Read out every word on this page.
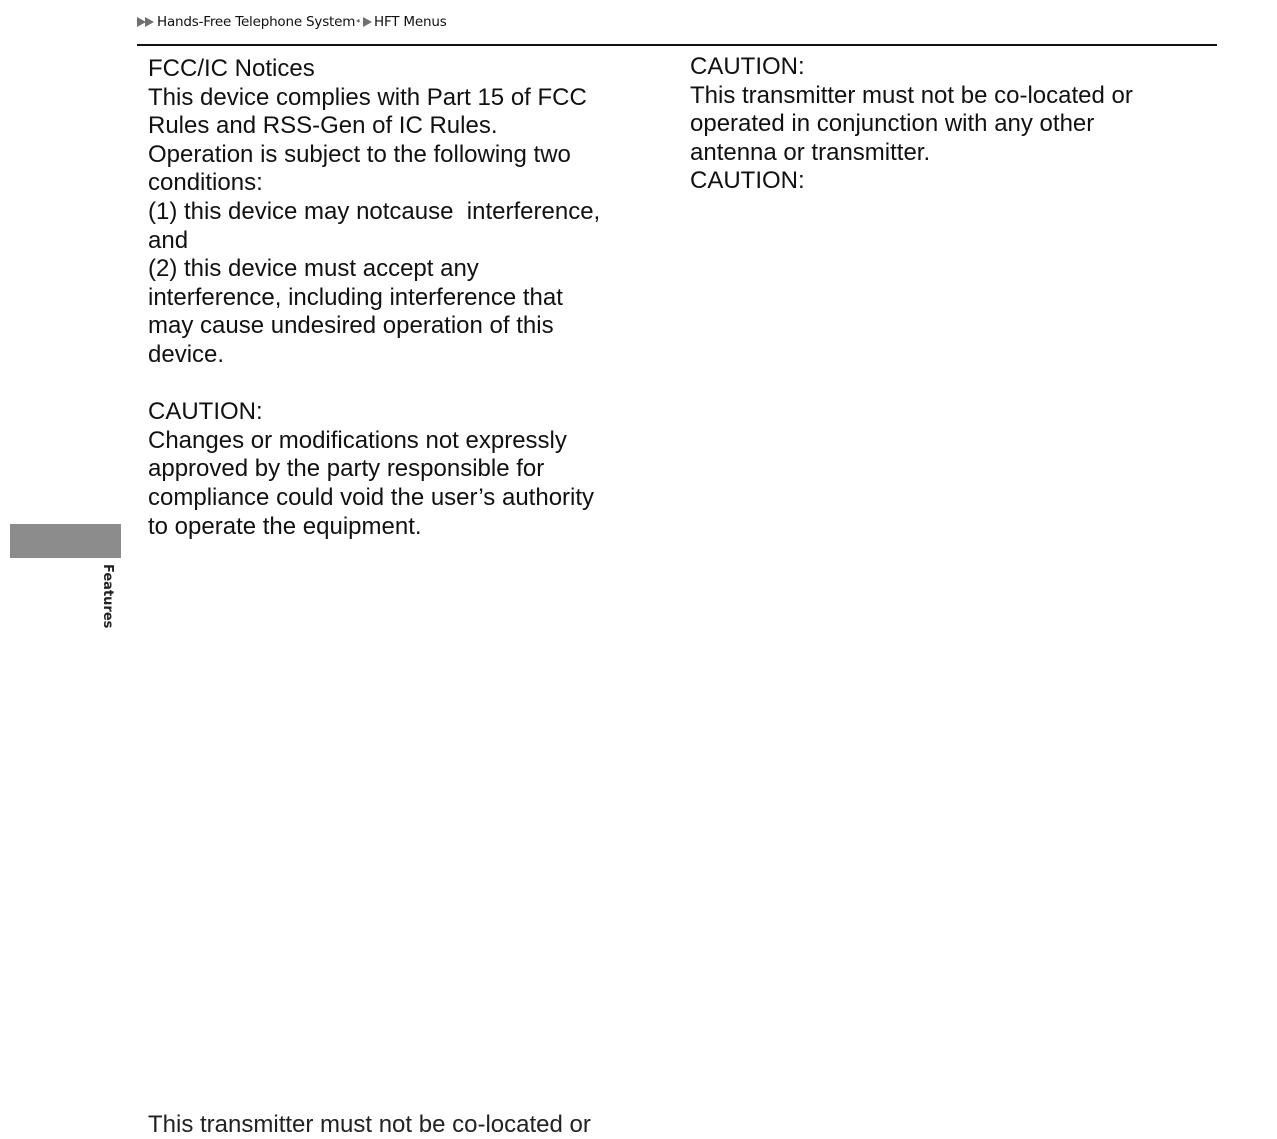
Hands-Free Telephone System * HFT Menus
FCC/IC Notices
This device complies with Part 15 of FCC
Rules and RSS-Gen of IC Rules.
Operation is subject to the following two
conditions:
(1) this device may notcause  interference,
and
(2) this device must accept any
interference, including interference that
may cause undesired operation of this
device.
CAUTION:
Changes or modifications not expressly
approved by the party responsible for
compliance could void the user’s authority
to operate the equipment.
CAUTION:
This transmitter must not be co-located or
operated in conjunction with any other
antenna or transmitter.
CAUTION:
Features
This transmitter must not be co-located or
